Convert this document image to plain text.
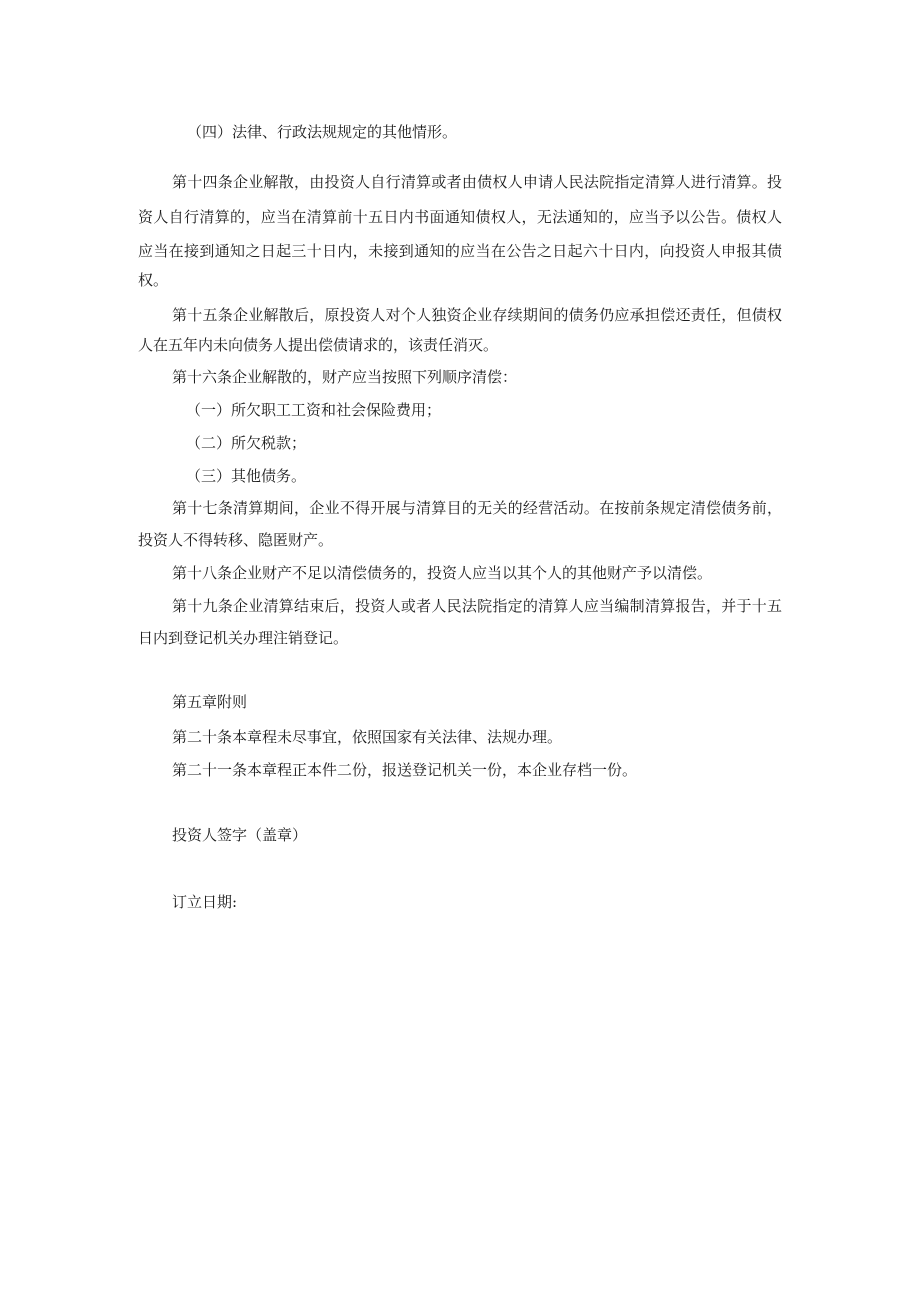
（四）法律、行政法规规定的其他情形。
第十四条企业解散，由投资人自行清算或者由债权人申请人民法院指定清算人进行清算。投
资人自行清算的，应当在清算前十五日内书面通知债权人，无法通知的，应当予以公告。债权人
应当在接到通知之日起三十日内，未接到通知的应当在公告之日起六十日内，向投资人申报其债
权。
第十五条企业解散后，原投资人对个人独资企业存续期间的债务仍应承担偿还责任，但债权
人在五年内未向债务人提出偿债请求的，该责任消灭。
第十六条企业解散的，财产应当按照下列顺序清偿：
（一）所欠职工工资和社会保险费用；
（二）所欠税款；
（三）其他债务。
第十七条清算期间，企业不得开展与清算目的无关的经营活动。在按前条规定清偿债务前，
投资人不得转移、隐匿财产。
第十八条企业财产不足以清偿债务的，投资人应当以其个人的其他财产予以清偿。
第十九条企业清算结束后，投资人或者人民法院指定的清算人应当编制清算报告，并于十五
日内到登记机关办理注销登记。
第五章附则
第二十条本章程未尽事宜，依照国家有关法律、法规办理。
第二十一条本章程正本件二份，报送登记机关一份，本企业存档一份。
投资人签字（盖章）
订立日期:
